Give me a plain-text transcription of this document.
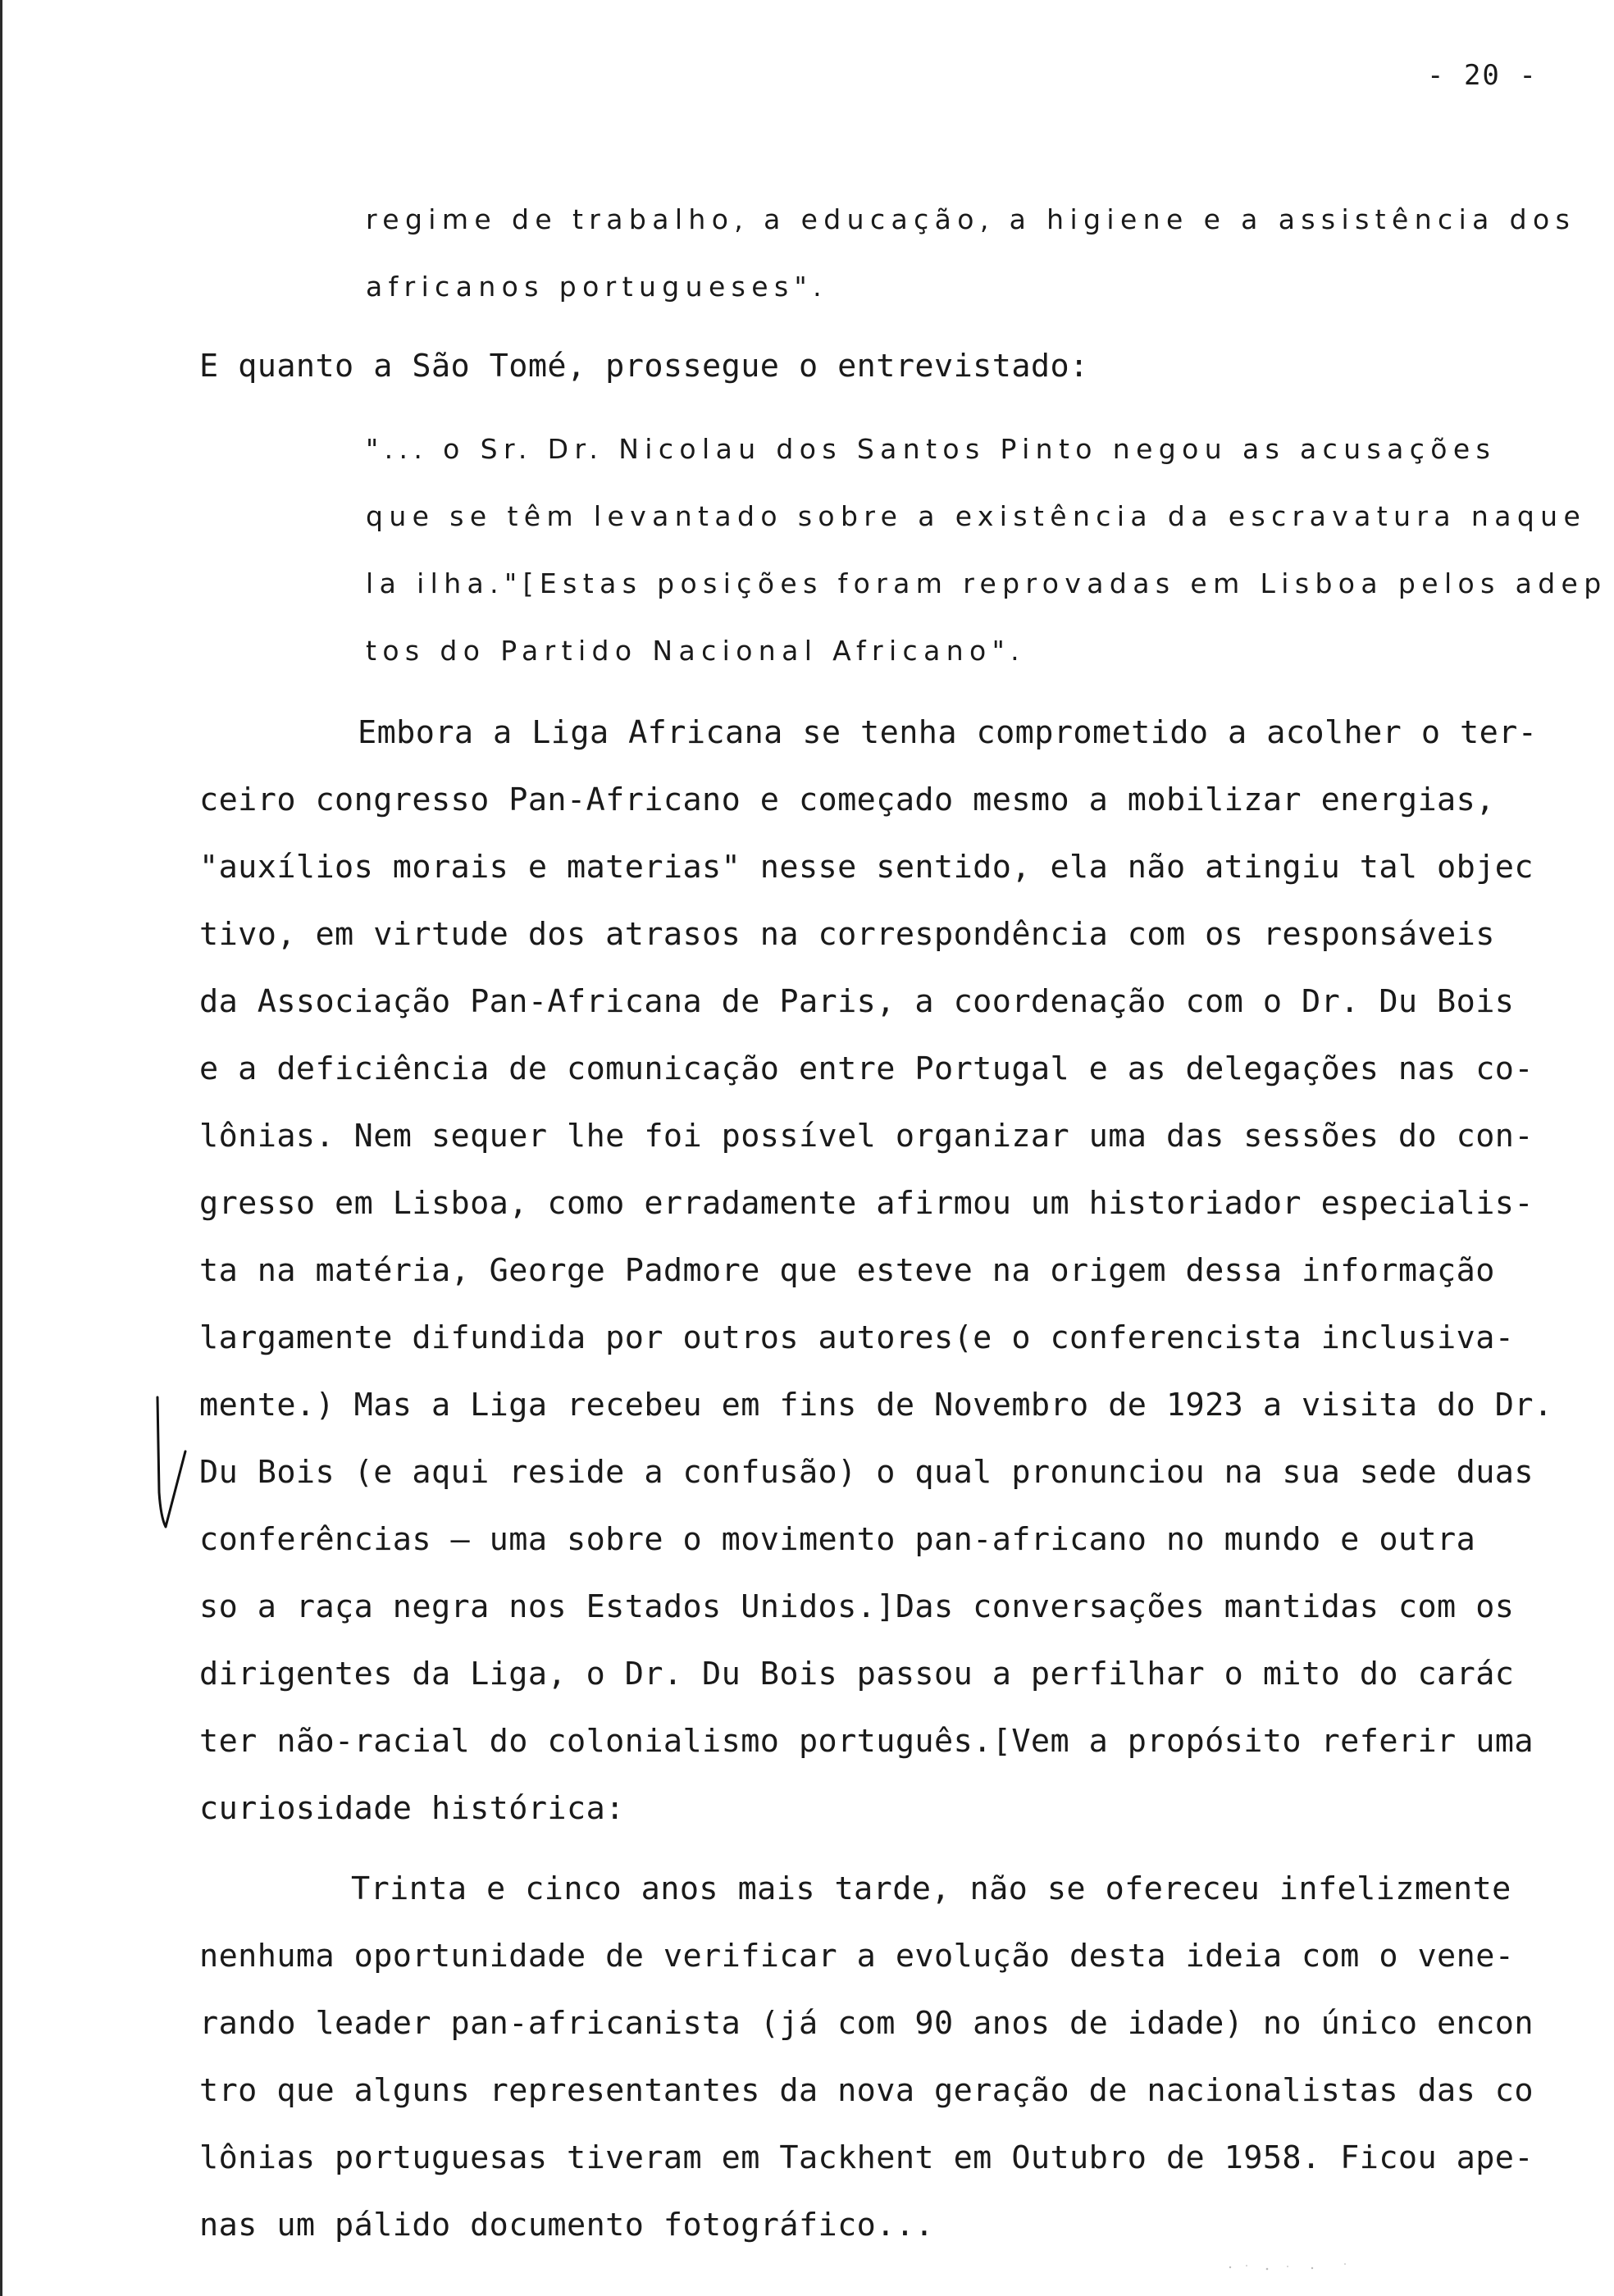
- 20 -
regime de trabalho, a educação, a higiene e a assistência dos
africanos portugueses".
E quanto a São Tomé, prossegue o entrevistado:
"... o Sr. Dr. Nicolau dos Santos Pinto negou as acusações
que se têm levantado sobre a existência da escravatura naque
la ilha."[Estas posições foram reprovadas em Lisboa pelos adep
tos do Partido Nacional Africano".
Embora a Liga Africana se tenha comprometido a acolher o ter-
ceiro congresso Pan-Africano e começado mesmo a mobilizar energias,
"auxílios morais e materias" nesse sentido, ela não atingiu tal objec
tivo, em virtude dos atrasos na correspondência com os responsáveis
da Associação Pan-Africana de Paris, a coordenação com o Dr. Du Bois
e a deficiência de comunicação entre Portugal e as delegações nas co-
lônias. Nem sequer lhe foi possível organizar uma das sessões do con-
gresso em Lisboa, como erradamente afirmou um historiador especialis-
ta na matéria, George Padmore que esteve na origem dessa informação
largamente difundida por outros autores(e o conferencista inclusiva-
mente.) Mas a Liga recebeu em fins de Novembro de 1923 a visita do Dr.
Du Bois (e aqui reside a confusão) o qual pronunciou na sua sede duas
conferências — uma sobre o movimento pan-africano no mundo e outra
so a raça negra nos Estados Unidos.]Das conversações mantidas com os
dirigentes da Liga, o Dr. Du Bois passou a perfilhar o mito do carác
ter não-racial do colonialismo português.[Vem a propósito referir uma
curiosidade histórica:
Trinta e cinco anos mais tarde, não se ofereceu infelizmente
nenhuma oportunidade de verificar a evolução desta ideia com o vene-
rando leader pan-africanista (já com 90 anos de idade) no único encon
tro que alguns representantes da nova geração de nacionalistas das co
lônias portuguesas tiveram em Tackhent em Outubro de 1958. Ficou ape-
nas um pálido documento fotográfico...
